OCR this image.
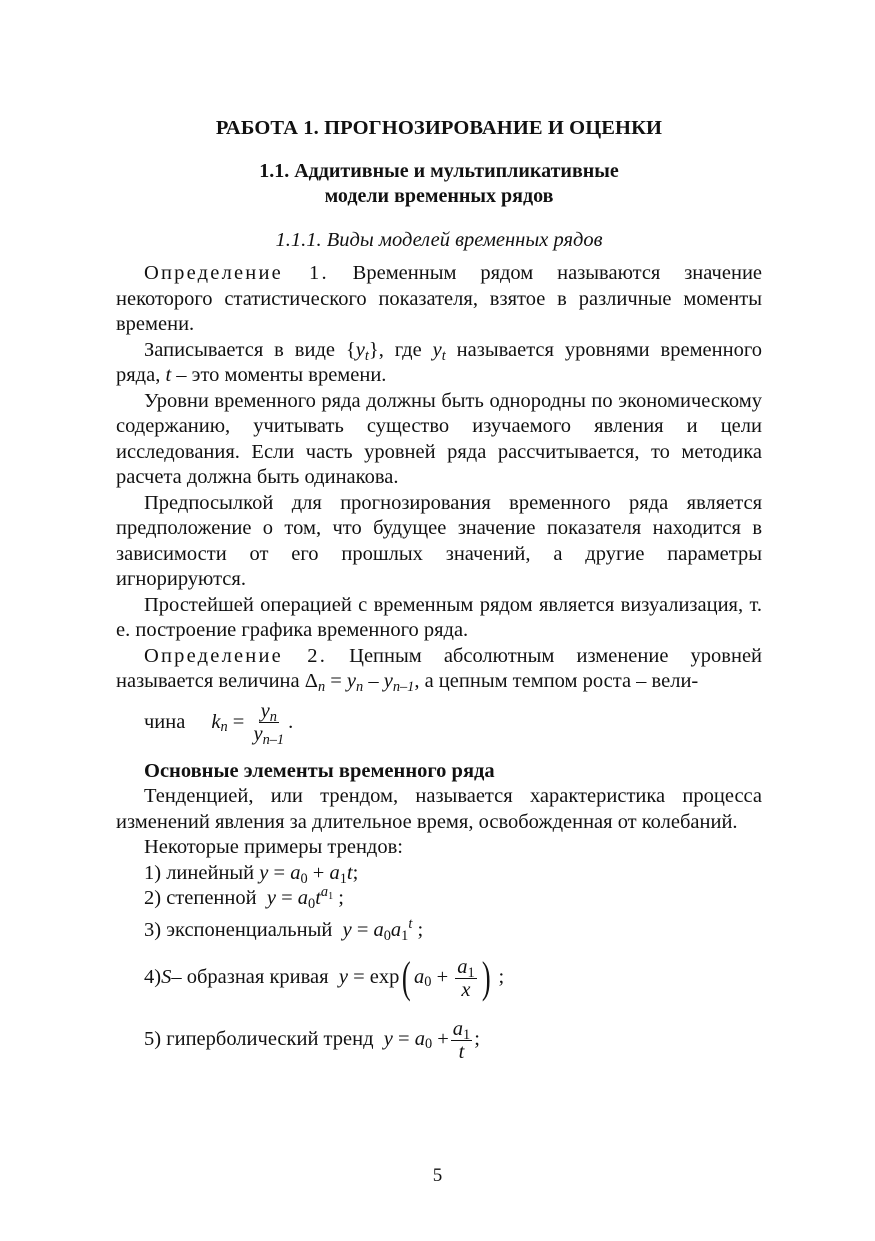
РАБОТА 1. ПРОГНОЗИРОВАНИЕ И ОЦЕНКИ
1.1. Аддитивные и мультипликативные
модели временных рядов
1.1.1. Виды моделей временных рядов

Определение 1. Временным рядом называются значение некоторого статистического показателя, взятое в различные моменты времени.

Записывается в виде $\{y_t\}$, где $y_t$ называется уровнями временного ряда, t – это моменты времени.

Уровни временного ряда должны быть однородны по экономическому содержанию, учитывать существо изучаемого явления и цели исследования. Если часть уровней ряда рассчитывается, то методика расчета должна быть одинакова.

Предпосылкой для прогнозирования временного ряда является предположение о том, что будущее значение показателя находится в зависимости от его прошлых значений, а другие параметры игнорируются.

Простейшей операцией с временным рядом является визуализация, т. е. построение графика временного ряда.

Определение 2. Цепным абсолютным изменение уровней называется величина $\Delta_n = y_n - y_{n-1}$, а цепным темпом роста – вели-

чина $k_n = \frac{y_n}{y_{n-1}}$ .

Основные элементы временного ряда

Тенденцией, или трендом, называется характеристика процесса изменений явления за длительное время, освобожденная от колебаний.

Некоторые примеры трендов:

1) линейный $y = a_0 + a_1t$;

2) степенной $y = a_0t^{a_1}$ ;

3) экспоненциальный $y = a_0a_1^t$ ;

4) S – образная кривая
y = exp ( $a_0 + \frac{a_1}{x}$ ) ;
5) гиперболический тренд
$y = a_0 + \frac{a_1}{t}$ ;
5
